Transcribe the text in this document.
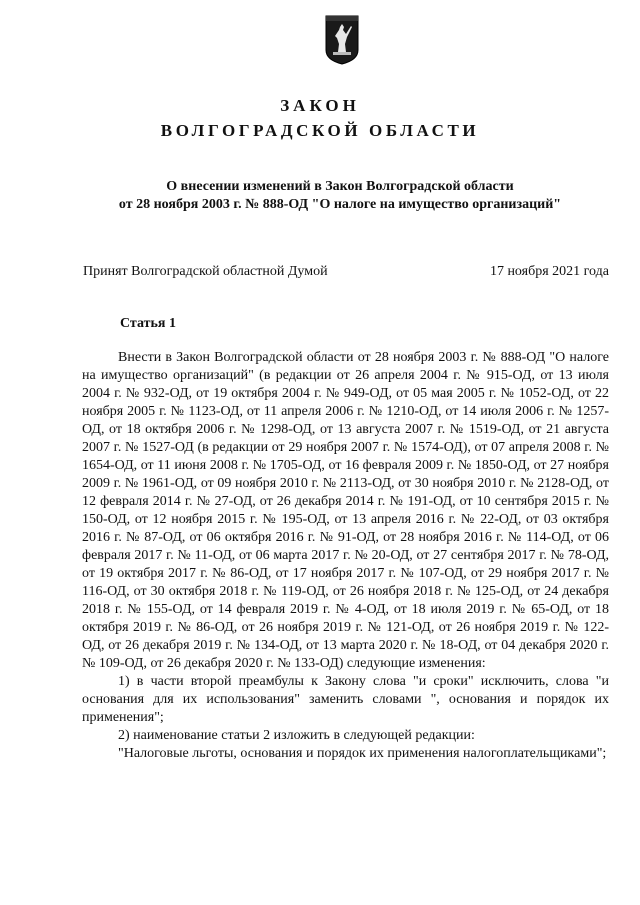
ЗАКОН
ВОЛГОГРАДСКОЙ ОБЛАСТИ
О внесении изменений в Закон Волгоградской области
от 28 ноября 2003 г. № 888-ОД "О налоге на имущество организаций"
Принят Волгоградской областной Думой	17 ноября 2021 года
Статья 1

Внести в Закон Волгоградской области от 28 ноября 2003 г. № 888-ОД "О налоге на имущество организаций" (в редакции от 26 апреля 2004 г. № 915-ОД, от 13 июля 2004 г. № 932-ОД, от 19 октября 2004 г. № 949-ОД, от 05 мая 2005 г. № 1052-ОД, от 22 ноября 2005 г. № 1123-ОД, от 11 апреля 2006 г. № 1210-ОД, от 14 июля 2006 г. № 1257-ОД, от 18 октября 2006 г. № 1298-ОД, от 13 августа 2007 г. № 1519-ОД, от 21 августа 2007 г. № 1527-ОД (в редакции от 29 ноября 2007 г. № 1574-ОД), от 07 апреля 2008 г. № 1654-ОД, от 11 июня 2008 г. № 1705-ОД, от 16 февраля 2009 г. № 1850-ОД, от 27 ноября 2009 г. № 1961-ОД, от 09 ноября 2010 г. № 2113-ОД, от 30 ноября 2010 г. № 2128-ОД, от 12 февраля 2014 г. № 27-ОД, от 26 декабря 2014 г. № 191-ОД, от 10 сентября 2015 г. № 150-ОД, от 12 ноября 2015 г. № 195-ОД, от 13 апреля 2016 г. № 22-ОД, от 03 октября 2016 г. № 87-ОД, от 06 октября 2016 г. № 91-ОД, от 28 ноября 2016 г. № 114-ОД, от 06 февраля 2017 г. № 11-ОД, от 06 марта 2017 г. № 20-ОД, от 27 сентября 2017 г. № 78-ОД, от 19 октября 2017 г. № 86-ОД, от 17 ноября 2017 г. № 107-ОД, от 29 ноября 2017 г. № 116-ОД, от 30 октября 2018 г. № 119-ОД, от 26 ноября 2018 г. № 125-ОД, от 24 декабря 2018 г. № 155-ОД, от 14 февраля 2019 г. № 4-ОД, от 18 июля 2019 г. № 65-ОД, от 18 октября 2019 г. № 86-ОД, от 26 ноября 2019 г. № 121-ОД, от 26 ноября 2019 г. № 122-ОД, от 26 декабря 2019 г. № 134-ОД, от 13 марта 2020 г. № 18-ОД, от 04 декабря 2020 г. № 109-ОД, от 26 декабря 2020 г. № 133-ОД) следующие изменения:

1) в части второй преамбулы к Закону слова "и сроки" исключить, слова "и основания для их использования" заменить словами ", основания и порядок их применения";

2) наименование статьи 2 изложить в следующей редакции:

"Налоговые льготы, основания и порядок их применения налогоплательщиками";
